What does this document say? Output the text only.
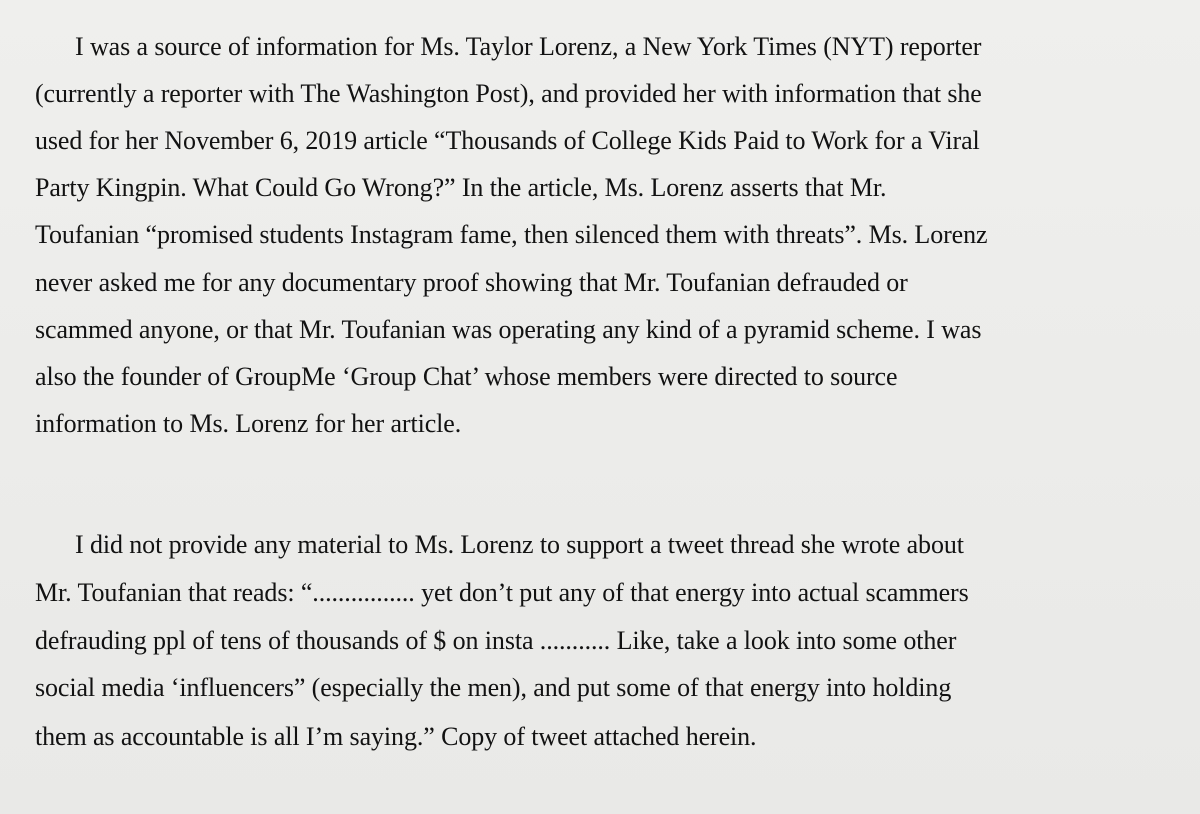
I was a source of information for Ms. Taylor Lorenz, a New York Times (NYT) reporter
(currently a reporter with The Washington Post), and provided her with information that she
used for her November 6, 2019 article “Thousands of College Kids Paid to Work for a Viral
Party Kingpin. What Could Go Wrong?” In the article, Ms. Lorenz asserts that Mr.
Toufanian “promised students Instagram fame, then silenced them with threats”. Ms. Lorenz
never asked me for any documentary proof showing that Mr. Toufanian defrauded or
scammed anyone, or that Mr. Toufanian was operating any kind of a pyramid scheme. I was
also the founder of GroupMe ‘Group Chat’ whose members were directed to source
information to Ms. Lorenz for her article.
I did not provide any material to Ms. Lorenz to support a tweet thread she wrote about
Mr. Toufanian that reads: “................ yet don’t put any of that energy into actual scammers
defrauding ppl of tens of thousands of $ on insta ........... Like, take a look into some other
social media ‘influencers” (especially the men), and put some of that energy into holding
them as accountable is all I’m saying.” Copy of tweet attached herein.
